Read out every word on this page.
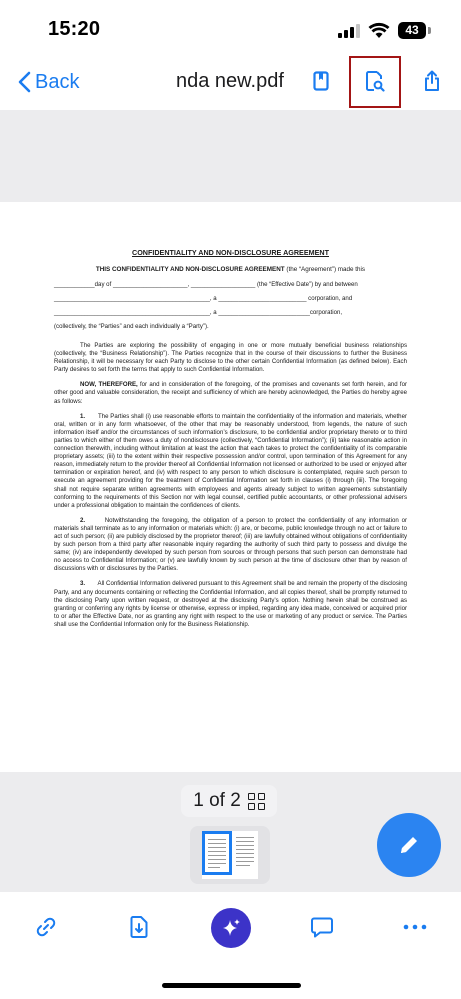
15:20	43
Back	nda new.pdf
CONFIDENTIALITY AND NON-DISCLOSURE AGREEMENT
THIS CONFIDENTIALITY AND NON-DISCLOSURE AGREEMENT (the “Agreement”) made this
____________day of ______________________, ___________________ (the “Effective Date”) by and between
______________________________________________, a __________________________ corporation, and
______________________________________________, a ___________________________corporation,
(collectively, the “Parties” and each individually a “Party”).

The Parties are exploring the possibility of engaging in one or more mutually beneficial business relationships (collectively, the “Business Relationship”). The Parties recognize that in the course of their discussions to further the Business Relationship, it will be necessary for each Party to disclose to the other certain Confidential Information (as defined below). Each Party desires to set forth the terms that apply to such Confidential Information.

NOW, THEREFORE, for and in consideration of the foregoing, of the promises and covenants set forth herein, and for other good and valuable consideration, the receipt and sufficiency of which are hereby acknowledged, the Parties do hereby agree as follows:

1. The Parties shall (i) use reasonable efforts to maintain the confidentiality of the information and materials, whether oral, written or in any form whatsoever, of the other that may be reasonably understood, from legends, the nature of such information itself and/or the circumstances of such information’s disclosure, to be confidential and/or proprietary thereto or to third parties to which either of them owes a duty of nondisclosure (collectively, “Confidential Information”); (ii) take reasonable action in connection therewith, including without limitation at least the action that each takes to protect the confidentiality of its comparable proprietary assets; (iii) to the extent within their respective possession and/or control, upon termination of this Agreement for any reason, immediately return to the provider thereof all Confidential Information not licensed or authorized to be used or enjoyed after termination or expiration hereof, and (iv) with respect to any person to which disclosure is contemplated, require such person to execute an agreement providing for the treatment of Confidential Information set forth in clauses (i) through (iii). The foregoing shall not require separate written agreements with employees and agents already subject to written agreements substantially conforming to the requirements of this Section nor with legal counsel, certified public accountants, or other professional advisers under a professional obligation to maintain the confidences of clients.

2.	Notwithstanding the foregoing, the obligation of a person to protect the confidentiality of any information or materials shall terminate as to any information or materials which: (i) are, or become, public knowledge through no act or failure to act of such person; (ii) are publicly disclosed by the proprietor thereof; (iii) are lawfully obtained without obligations of confidentiality by such person from a third party after reasonable inquiry regarding the authority of such third party to possess and divulge the same; (iv) are independently developed by such person from sources or through persons that such person can demonstrate had no access to Confidential Information; or (v) are lawfully known by such person at the time of disclosure other than by reason of discussions with or disclosures by the Parties.

3. All Confidential Information delivered pursuant to this Agreement shall be and remain the property of the disclosing Party, and any documents containing or reflecting the Confidential Information, and all copies thereof, shall be promptly returned to the disclosing Party upon written request, or destroyed at the disclosing Party’s option. Nothing herein shall be construed as granting or conferring any rights by license or otherwise, express or implied, regarding any idea made, conceived or acquired prior to or after the Effective Date, nor as granting any right with respect to the use or marketing of any product or service. The Parties shall use the Confidential Information only for the Business Relationship.

1 of 2
